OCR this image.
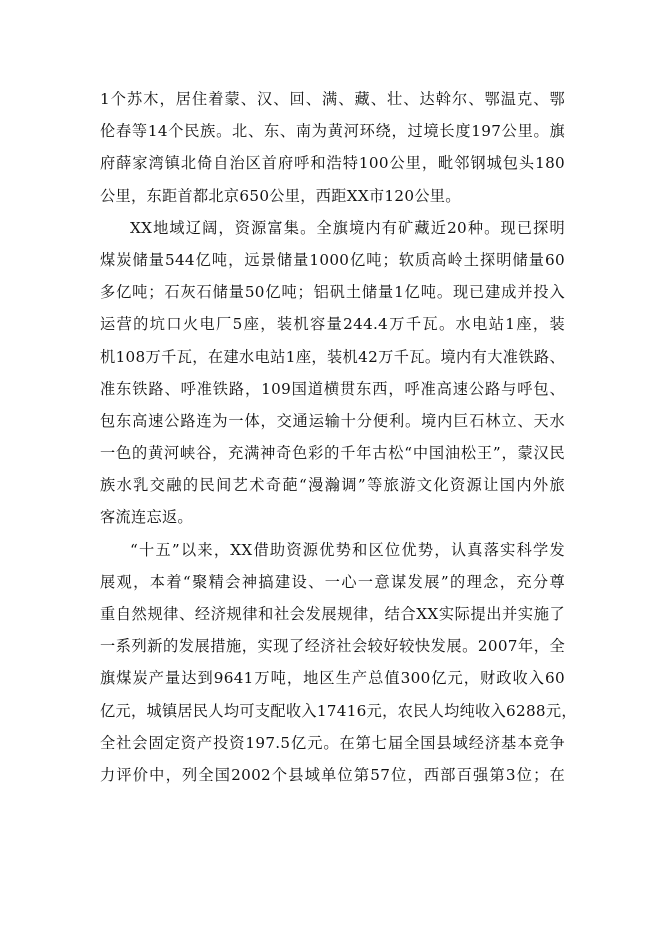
1个苏木，居住着蒙、汉、回、满、藏、壮、达斡尔、鄂温克、鄂
伦春等14个民族。北、东、南为黄河环绕，过境长度197公里。旗
府薛家湾镇北倚自治区首府呼和浩特100公里，毗邻钢城包头180
公里，东距首都北京650公里，西距XX市120公里。
XX地域辽阔，资源富集。全旗境内有矿藏近20种。现已探明
煤炭储量544亿吨，远景储量1000亿吨；软质高岭土探明储量60
多亿吨；石灰石储量50亿吨；铝矾土储量1亿吨。现已建成并投入
运营的坑口火电厂5座，装机容量244.4万千瓦。水电站1座，装
机108万千瓦，在建水电站1座，装机42万千瓦。境内有大准铁路、
准东铁路、呼准铁路，109国道横贯东西，呼准高速公路与呼包、
包东高速公路连为一体，交通运输十分便利。境内巨石林立、天水
一色的黄河峡谷，充满神奇色彩的千年古松“中国油松王”，蒙汉民
族水乳交融的民间艺术奇葩“漫瀚调”等旅游文化资源让国内外旅
客流连忘返。
“十五”以来，XX借助资源优势和区位优势，认真落实科学发
展观，本着“聚精会神搞建设、一心一意谋发展”的理念，充分尊
重自然规律、经济规律和社会发展规律，结合XX实际提出并实施了
一系列新的发展措施，实现了经济社会较好较快发展。2007年，全
旗煤炭产量达到9641万吨，地区生产总值300亿元，财政收入60
亿元，城镇居民人均可支配收入17416元，农民人均纯收入6288元，
全社会固定资产投资197.5亿元。在第七届全国县域经济基本竞争
力评价中，列全国2002个县域单位第57位，西部百强第3位；在
